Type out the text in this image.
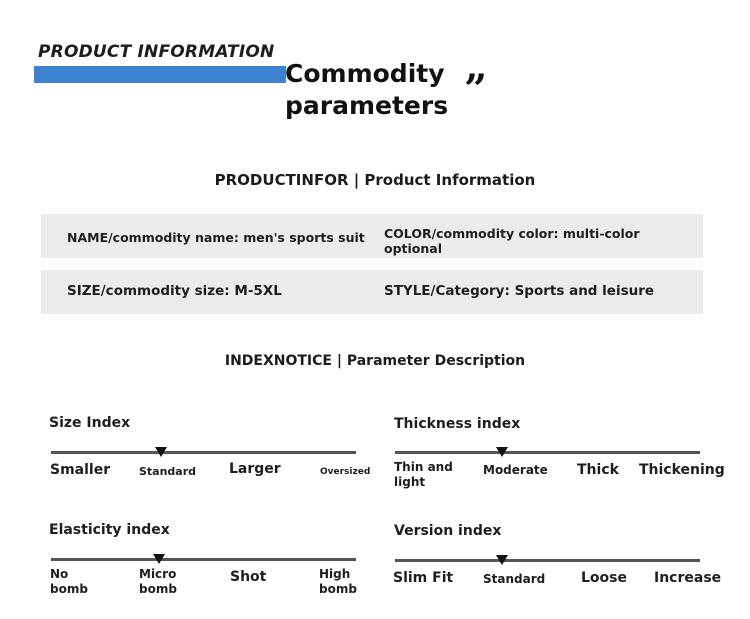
PRODUCT INFORMATION
Commodity
parameters ”
PRODUCTINFOR | Product Information
NAME/commodity name: men's sports suit COLOR/commodity color: multi-color optional
SIZE/commodity size: M-5XL	STYLE/Category: Sports and leisure
INDEXNOTICE | Parameter Description
Size Index
Smaller	Standard Larger	Oversized
Thickness index
Thin and light
Moderate Thick Thickening
Elasticity index
No bomb
Micro bomb
Shot	High bomb
Version index
Slim Fit Standard	Loose Increase
